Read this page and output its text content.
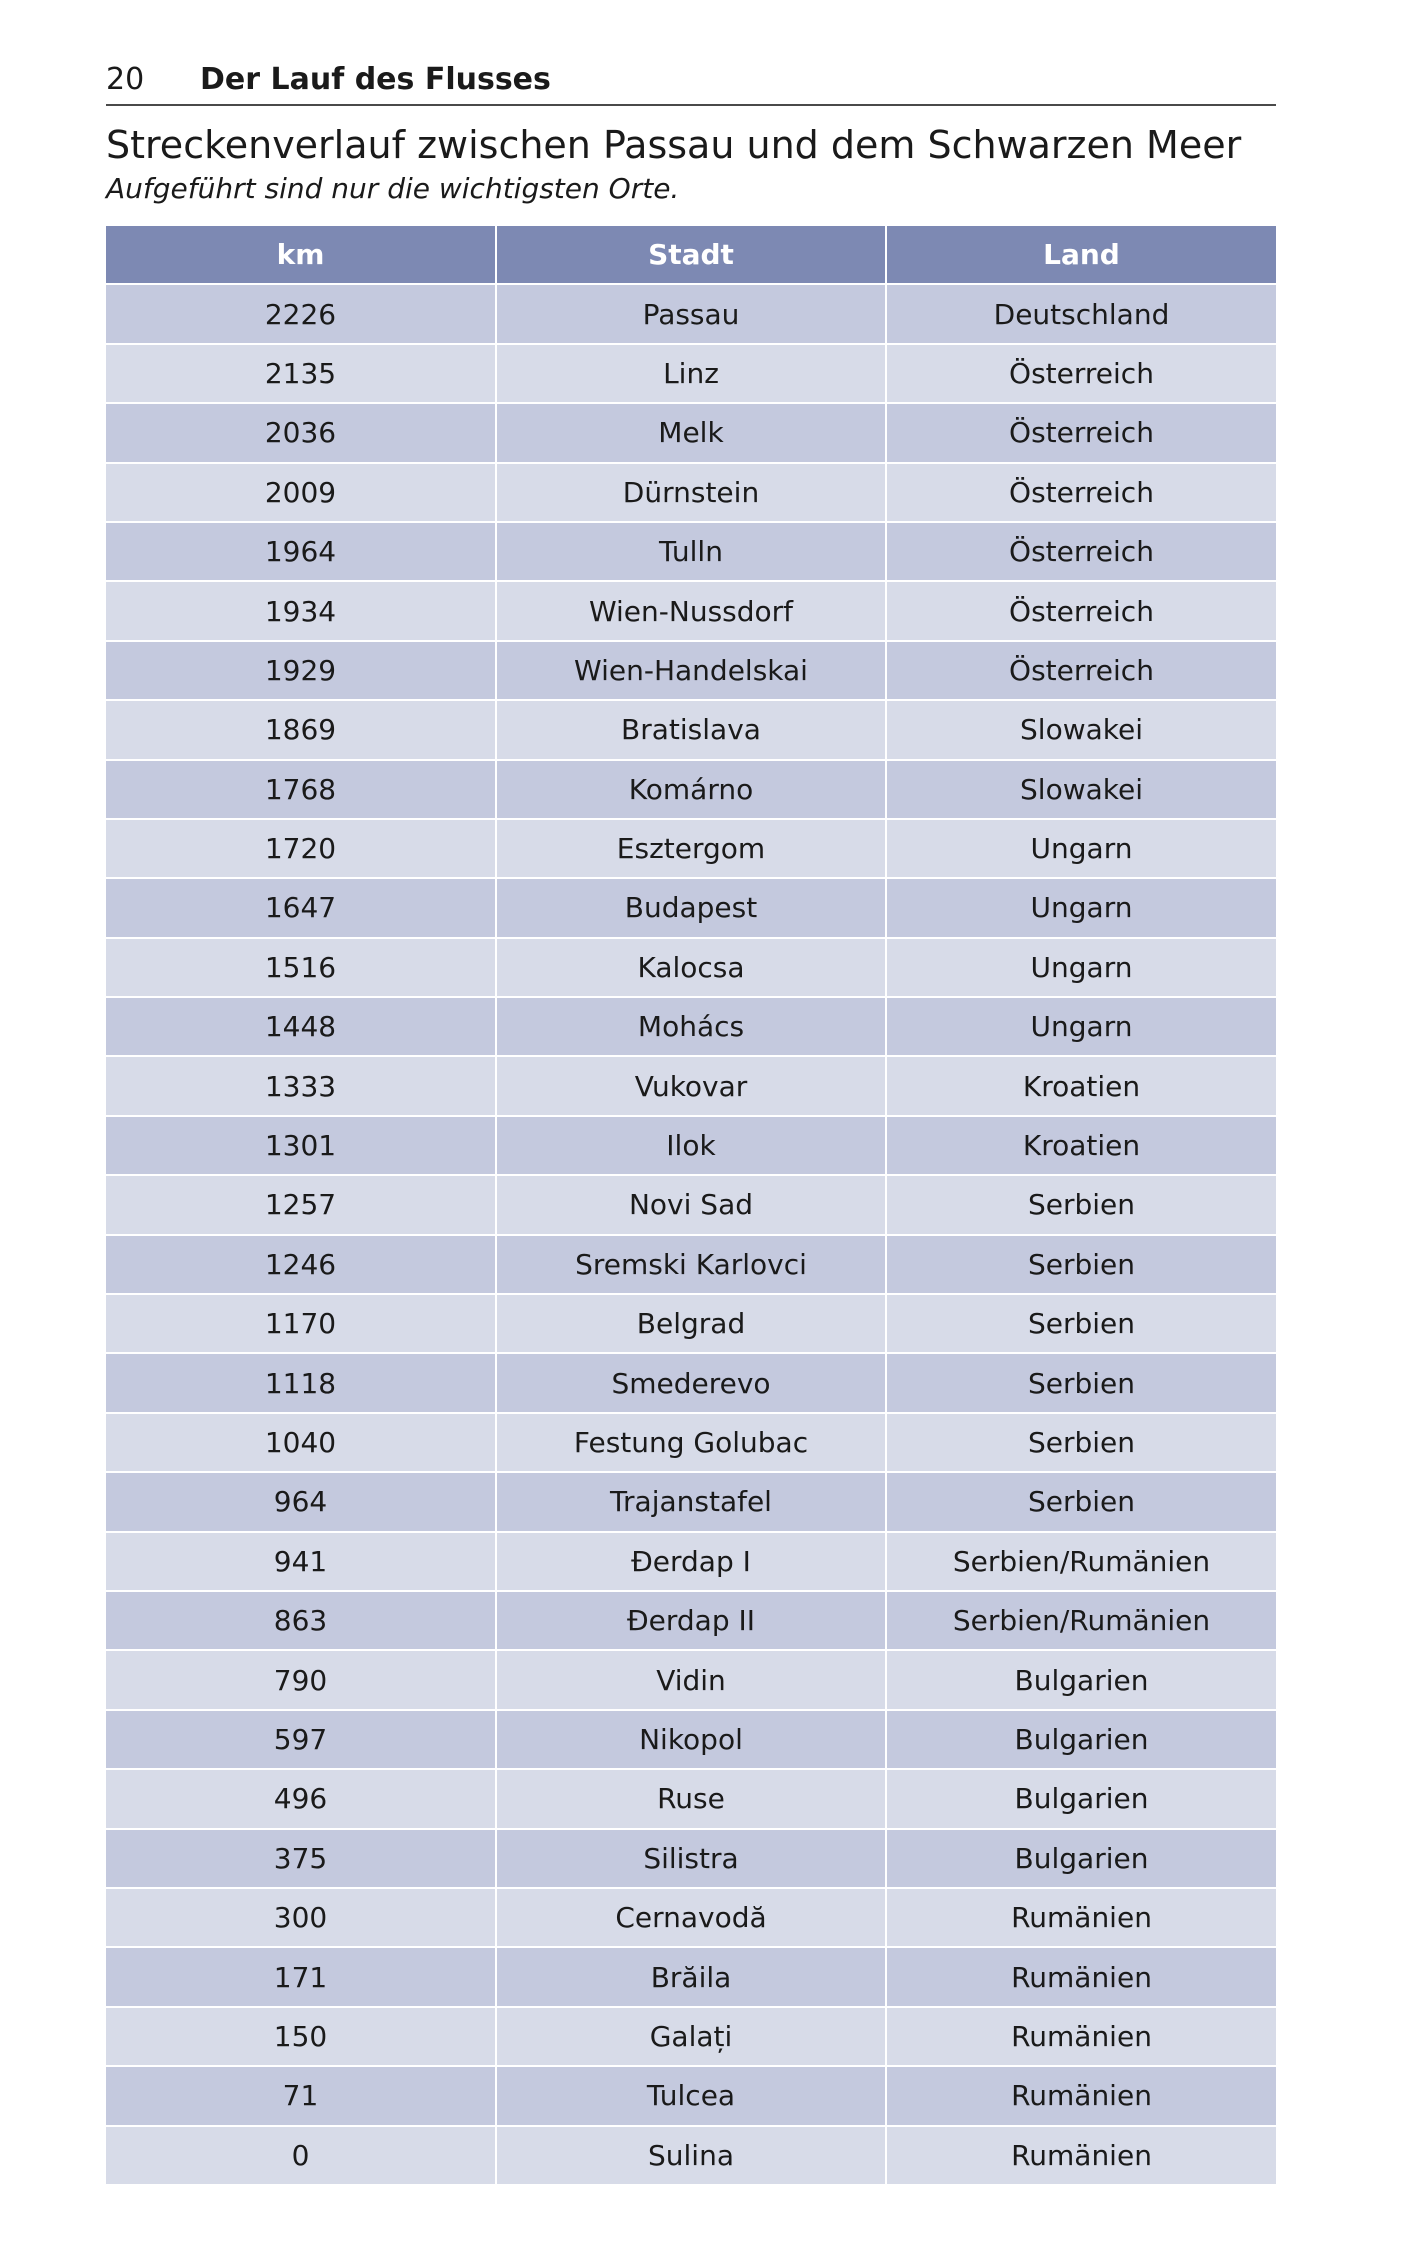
20	Der Lauf des Flusses
Streckenverlauf zwischen Passau und dem Schwarzen Meer
Aufgeführt sind nur die wichtigsten Orte.
km	Stadt	Land
2226	Passau	Deutschland
2135	Linz	Österreich
2036	Melk	Österreich
2009	Dürnstein	Österreich
1964	Tulln	Österreich
1934	Wien-Nussdorf	Österreich
1929	Wien-Handelskai	Österreich
1869	Bratislava	Slowakei
1768	Komárno	Slowakei
1720	Esztergom	Ungarn
1647	Budapest	Ungarn
1516	Kalocsa	Ungarn
1448	Mohács	Ungarn
1333	Vukovar	Kroatien
1301	Ilok	Kroatien
1257	Novi Sad	Serbien
1246	Sremski Karlovci	Serbien
1170	Belgrad	Serbien
1118	Smederevo	Serbien
1040	Festung Golubac	Serbien
964	Trajanstafel	Serbien
941	Đerdap I	Serbien/Rumänien
863	Đerdap II	Serbien/Rumänien
790	Vidin	Bulgarien
597	Nikopol	Bulgarien
496	Ruse	Bulgarien
375	Silistra	Bulgarien
300	Cernavodă	Rumänien
171	Brăila	Rumänien
150	Galați	Rumänien
71	Tulcea	Rumänien
0	Sulina	Rumänien
